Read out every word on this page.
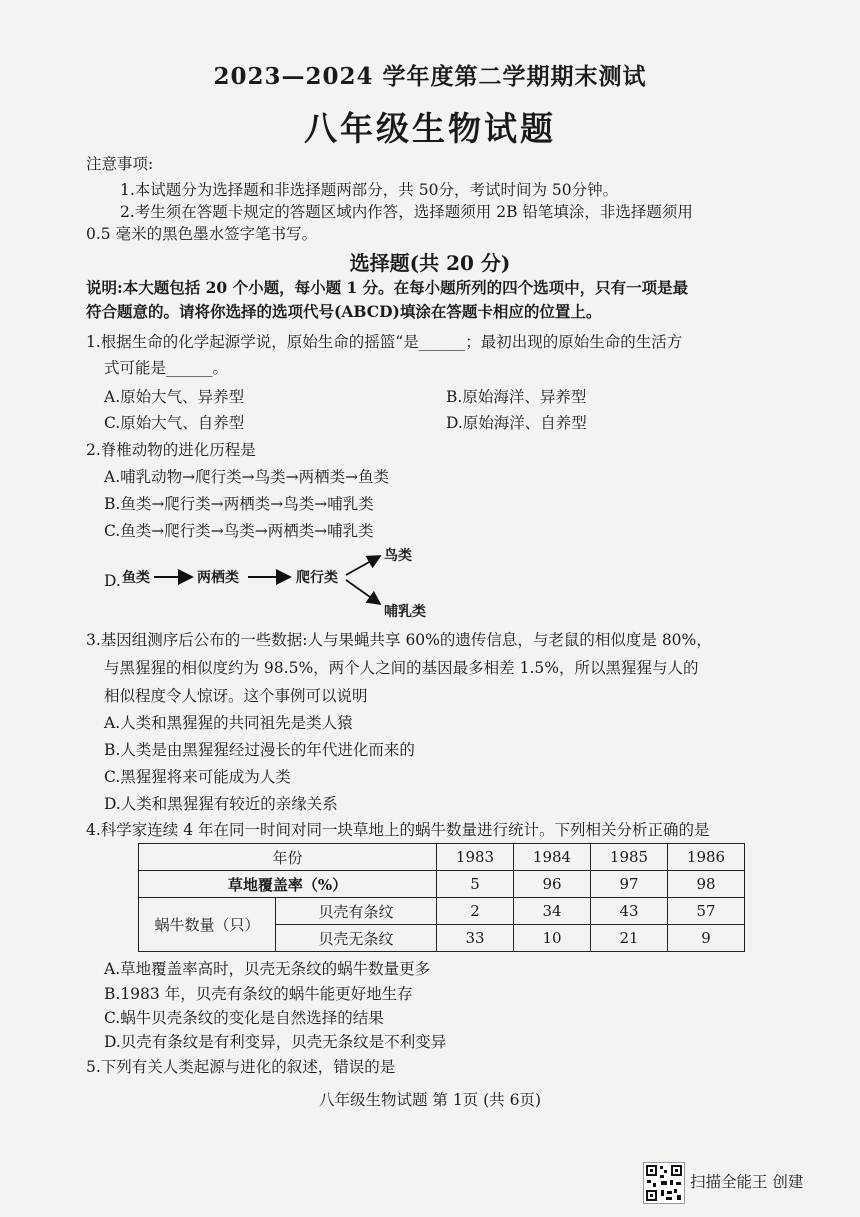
2023—2024 学年度第二学期期末测试
八年级生物试题
注意事项:
1.本试题分为选择题和非选择题两部分，共 50分，考试时间为 50分钟。
2.考生须在答题卡规定的答题区域内作答，选择题须用 2B 铅笔填涂，非选择题须用
0.5 毫米的黑色墨水签字笔书写。
选择题(共 20 分)
说明:本大题包括 20 个小题，每小题 1 分。在每小题所列的四个选项中，只有一项是最
符合题意的。请将你选择的选项代号(ABCD)填涂在答题卡相应的位置上。
1.根据生命的化学起源学说，原始生命的摇篮“是______；最初出现的原始生命的生活方
式可能是______。
A.原始大气、异养型	B.原始海洋、异养型
C.原始大气、自养型	D.原始海洋、自养型
2.脊椎动物的进化历程是
A.哺乳动物→爬行类→鸟类→两栖类→鱼类
B.鱼类→爬行类→两栖类→鸟类→哺乳类
C.鱼类→爬行类→鸟类→两栖类→哺乳类
D. 鱼类	两栖类	爬行类
鸟类
哺乳类
3.基因组测序后公布的一些数据:人与果蝇共享 60%的遗传信息，与老鼠的相似度是 80%，
与黑猩猩的相似度约为 98.5%，两个人之间的基因最多相差 1.5%，所以黑猩猩与人的
相似程度令人惊讶。这个事例可以说明
A.人类和黑猩猩的共同祖先是类人猿
B.人类是由黑猩猩经过漫长的年代进化而来的
C.黑猩猩将来可能成为人类
D.人类和黑猩猩有较近的亲缘关系
4.科学家连续 4 年在同一时间对同一块草地上的蜗牛数量进行统计。下列相关分析正确的是
年份		1983	1984	1985	1986
草地覆盖率（%）		5	96	97	98
蜗牛数量（只）	贝壳有条纹	2	34	43	57
	贝壳无条纹	33	10	21	9
A.草地覆盖率高时，贝壳无条纹的蜗牛数量更多
B.1983 年，贝壳有条纹的蜗牛能更好地生存
C.蜗牛贝壳条纹的变化是自然选择的结果
D.贝壳有条纹是有利变异，贝壳无条纹是不利变异
5.下列有关人类起源与进化的叙述，错误的是
八年级生物试题 第 1页 (共 6页)
扫描全能王 创建
